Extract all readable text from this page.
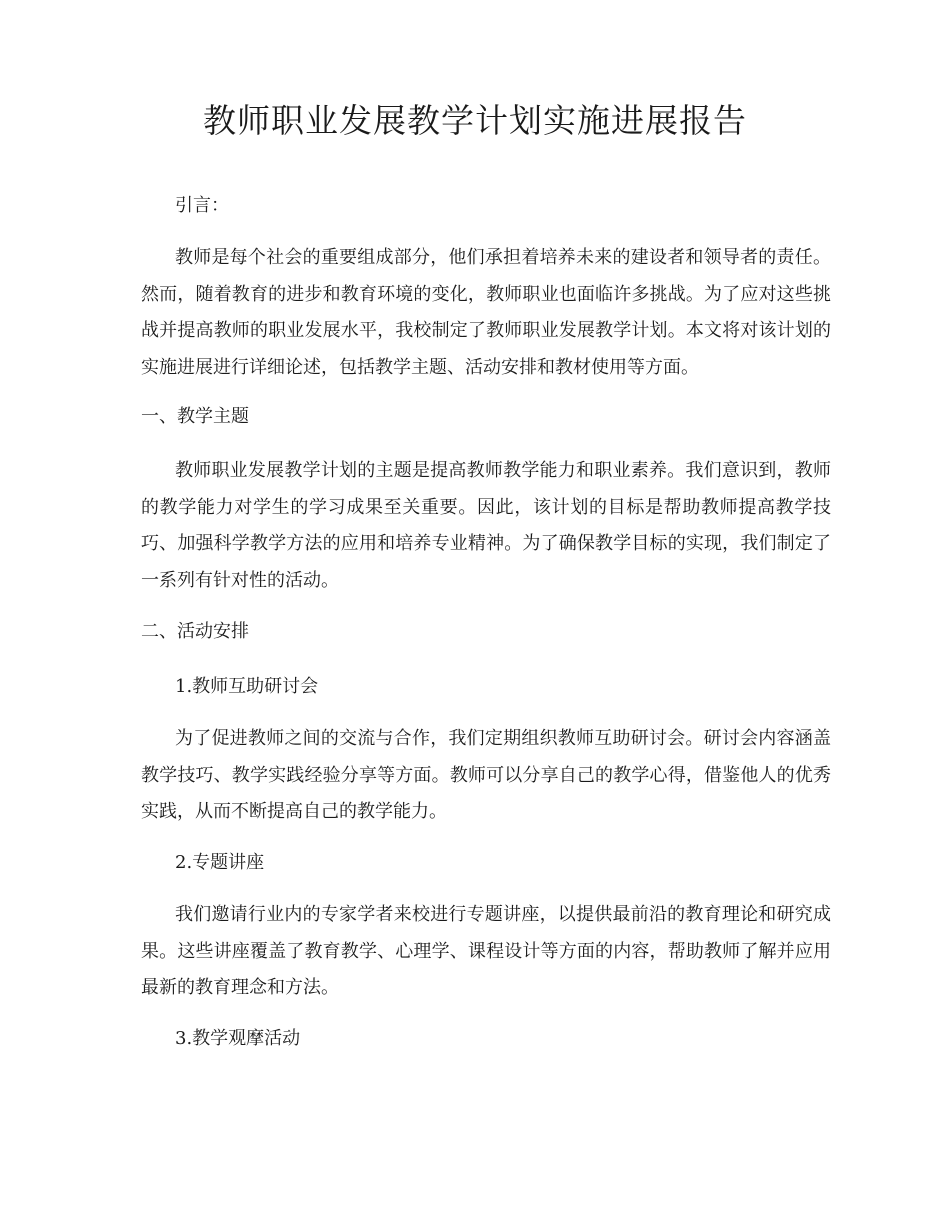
教师职业发展教学计划实施进展报告

引言：

教师是每个社会的重要组成部分，他们承担着培养未来的建设者和领导者的责任。然而，随着教育的进步和教育环境的变化，教师职业也面临许多挑战。为了应对这些挑战并提高教师的职业发展水平，我校制定了教师职业发展教学计划。本文将对该计划的实施进展进行详细论述，包括教学主题、活动安排和教材使用等方面。

一、教学主题

教师职业发展教学计划的主题是提高教师教学能力和职业素养。我们意识到，教师的教学能力对学生的学习成果至关重要。因此，该计划的目标是帮助教师提高教学技巧、加强科学教学方法的应用和培养专业精神。为了确保教学目标的实现，我们制定了一系列有针对性的活动。

二、活动安排

1.教师互助研讨会

为了促进教师之间的交流与合作，我们定期组织教师互助研讨会。研讨会内容涵盖教学技巧、教学实践经验分享等方面。教师可以分享自己的教学心得，借鉴他人的优秀实践，从而不断提高自己的教学能力。

2.专题讲座

我们邀请行业内的专家学者来校进行专题讲座，以提供最前沿的教育理论和研究成果。这些讲座覆盖了教育教学、心理学、课程设计等方面的内容，帮助教师了解并应用最新的教育理念和方法。

3.教学观摩活动
